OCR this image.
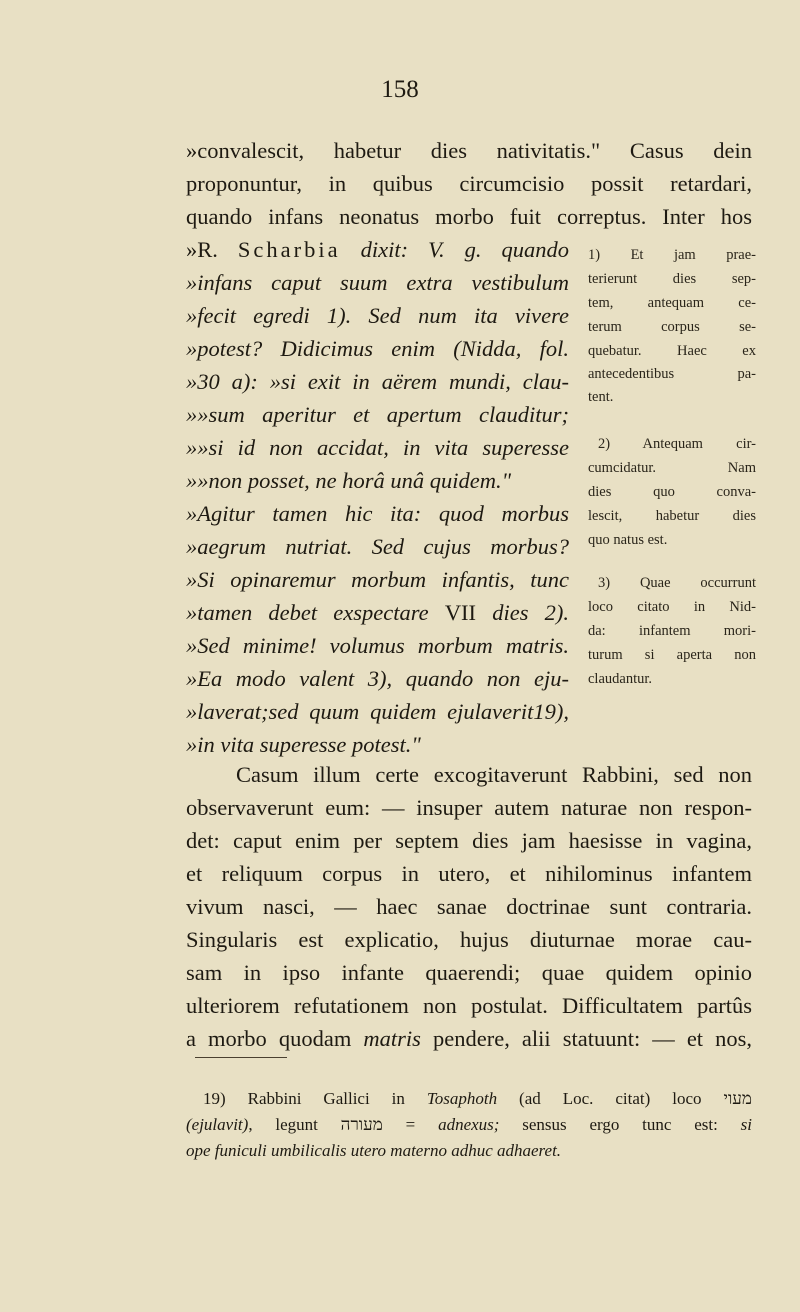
158
»convalescit, habetur dies nativitatis." Casus dein
proponuntur, in quibus circumcisio possit retardari,
quando infans neonatus morbo fuit correptus. Inter hos
»R. Scharbia dixit: V. g. quando
»infans caput suum extra vestibulum
»fecit egredi 1). Sed num ita vivere
»potest? Didicimus enim (Nidda, fol.
»30 a): »si exit in aërem mundi, clau-
»»sum aperitur et apertum clauditur;
»»si id non accidat, in vita superesse
»»non posset, ne horâ unâ quidem."
»Agitur tamen hic ita: quod morbus
»aegrum nutriat. Sed cujus morbus?
»Si opinaremur morbum infantis, tunc
»tamen debet exspectare VII dies 2).
»Sed minime! volumus morbum matris.
»Ea modo valent 3), quando non eju-
»laverat;sed quum quidem ejulaverit19),
»in vita superesse potest."
1) Et jam prae-
terierunt dies sep-
tem, antequam ce-
terum corpus se-
quebatur. Haec ex
antecedentibus pa-
tent.
2) Antequam cir-
cumcidatur. Nam
dies quo conva-
lescit, habetur dies
quo natus est.
3) Quae occurrunt
loco citato in Nid-
da: infantem mori-
turum si aperta non
claudantur.
Casum illum certe excogitaverunt Rabbini, sed non
observaverunt eum: — insuper autem naturae non respon-
det: caput enim per septem dies jam haesisse in vagina,
et reliquum corpus in utero, et nihilominus infantem
vivum nasci, — haec sanae doctrinae sunt contraria.
Singularis est explicatio, hujus diuturnae morae cau-
sam in ipso infante quaerendi; quae quidem opinio
ulteriorem refutationem non postulat. Difficultatem partûs
a morbo quodam matris pendere, alii statuunt: — et nos,
19) Rabbini Gallici in Tosaphoth (ad Loc. citat) loco מעוי
(ejulavit), legunt מעורה = adnexus; sensus ergo tunc est: si
ope funiculi umbilicalis utero materno adhuc adhaeret.
